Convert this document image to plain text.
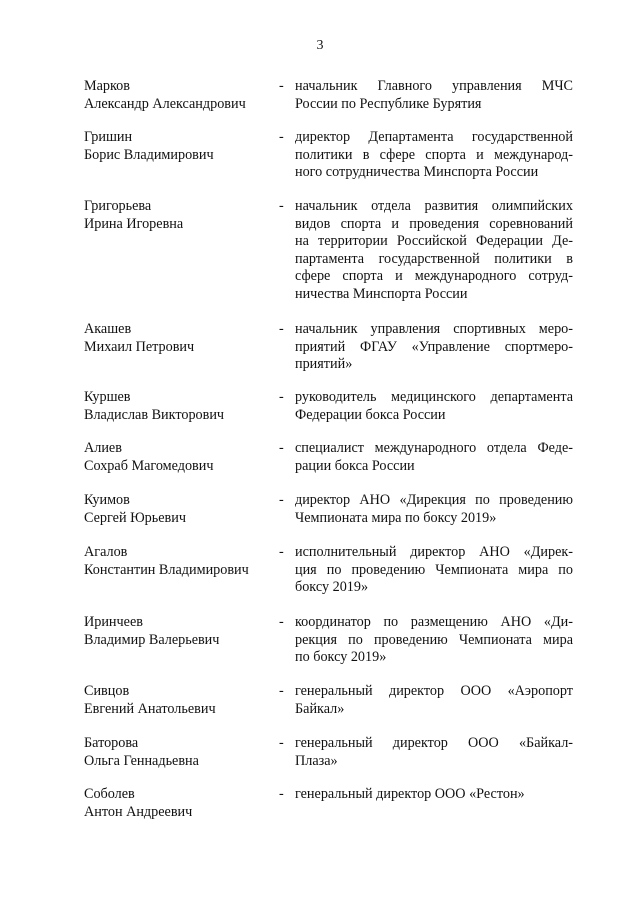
3
Марков
Александр Александрович
- начальник Главного управления МЧС
России по Республике Бурятия
Гришин
Борис Владимирович
- директор Департамента государственной
политики в сфере спорта и международ-
ного сотрудничества Минспорта России
Григорьева
Ирина Игоревна
- начальник отдела развития олимпийских
видов спорта и проведения соревнований
на территории Российской Федерации Де-
партамента государственной политики в
сфере спорта и международного сотруд-
ничества Минспорта России
Акашев
Михаил Петрович
- начальник управления спортивных меро-
приятий ФГАУ «Управление спортмеро-
приятий»
Куршев
Владислав Викторович
- руководитель медицинского департамента
Федерации бокса России
Алиев
Сохраб Магомедович
- специалист международного отдела Феде-
рации бокса России
Куимов
Сергей Юрьевич
- директор АНО «Дирекция по проведению
Чемпионата мира по боксу 2019»
Агалов
Константин Владимирович
- исполнительный директор АНО «Дирек-
ция по проведению Чемпионата мира по
боксу 2019»
Иринчеев
Владимир Валерьевич
- координатор по размещению АНО «Ди-
рекция по проведению Чемпионата мира
по боксу 2019»
Сивцов
Евгений Анатольевич
- генеральный директор ООО «Аэропорт
Байкал»
Баторова
Ольга Геннадьевна
- генеральный директор ООО «Байкал-
Плаза»
Соболев
Антон Андреевич
- генеральный директор ООО «Рестон»
